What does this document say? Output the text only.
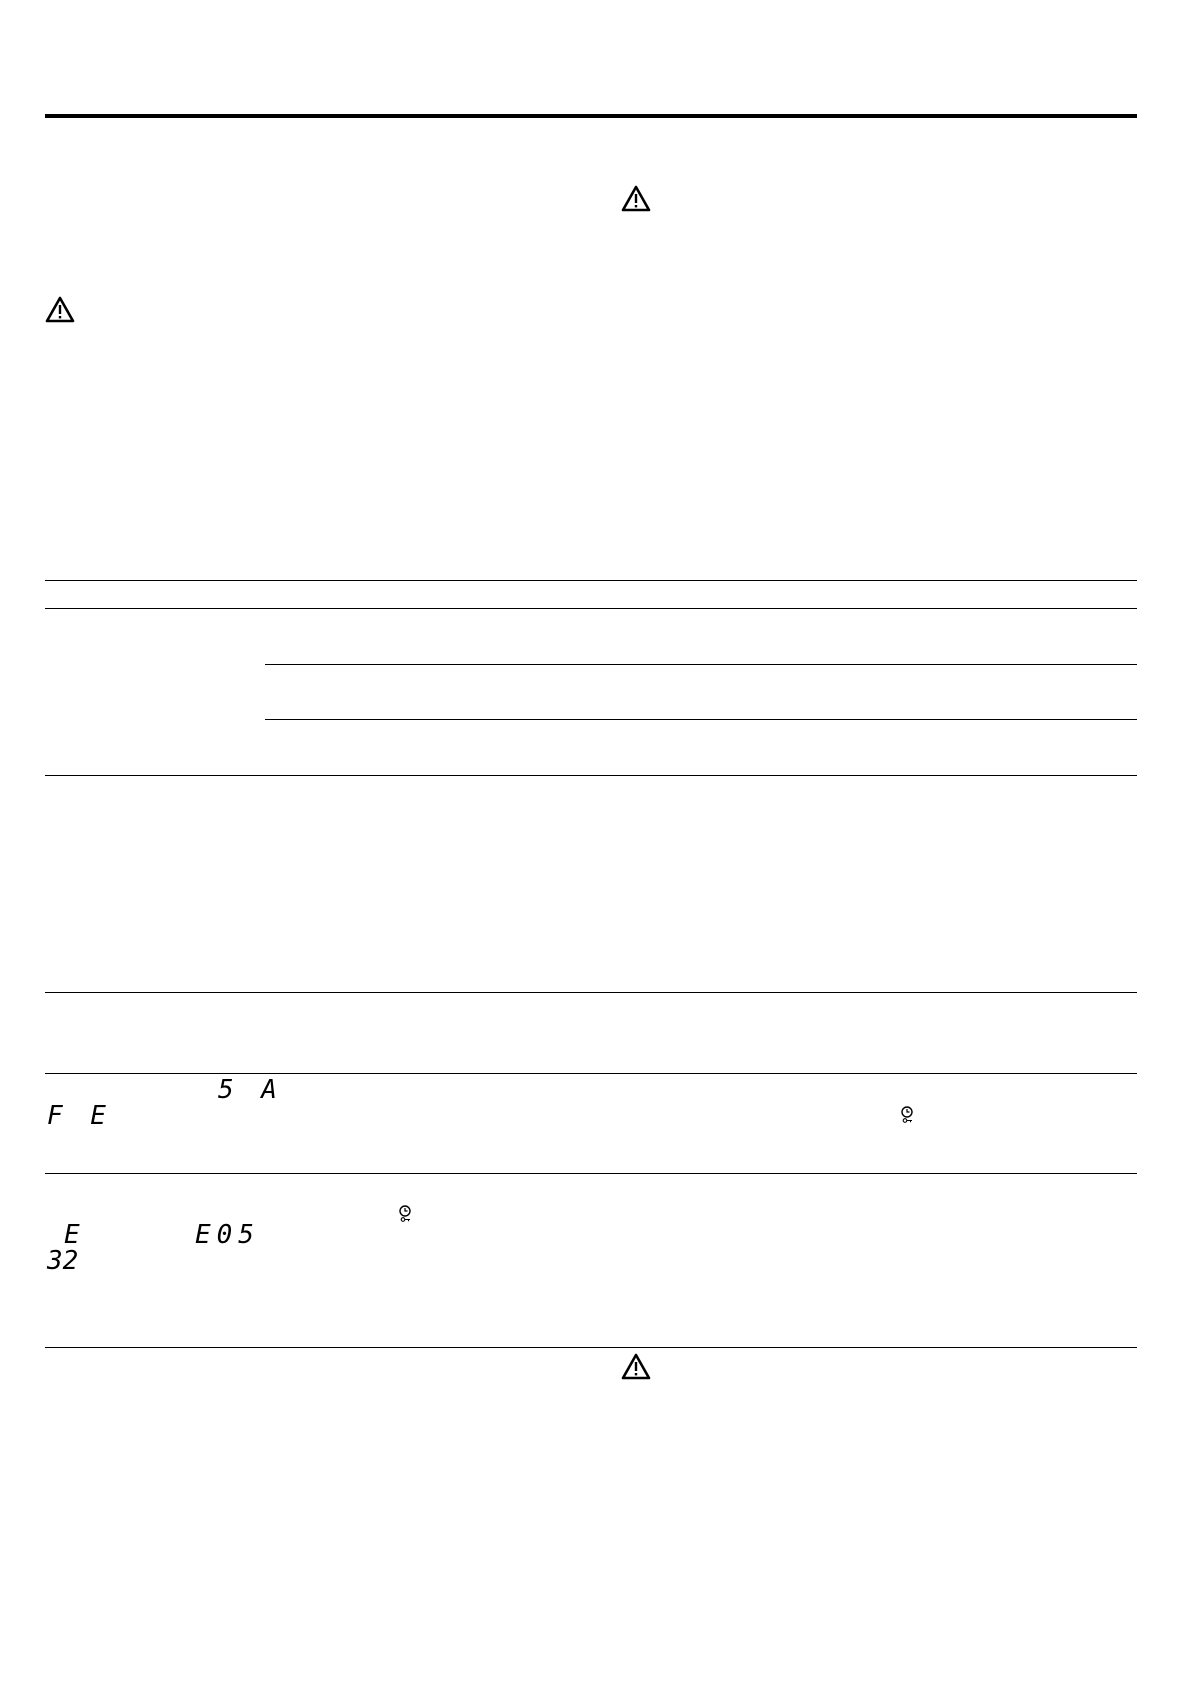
5 A
F E
E	E05
32
